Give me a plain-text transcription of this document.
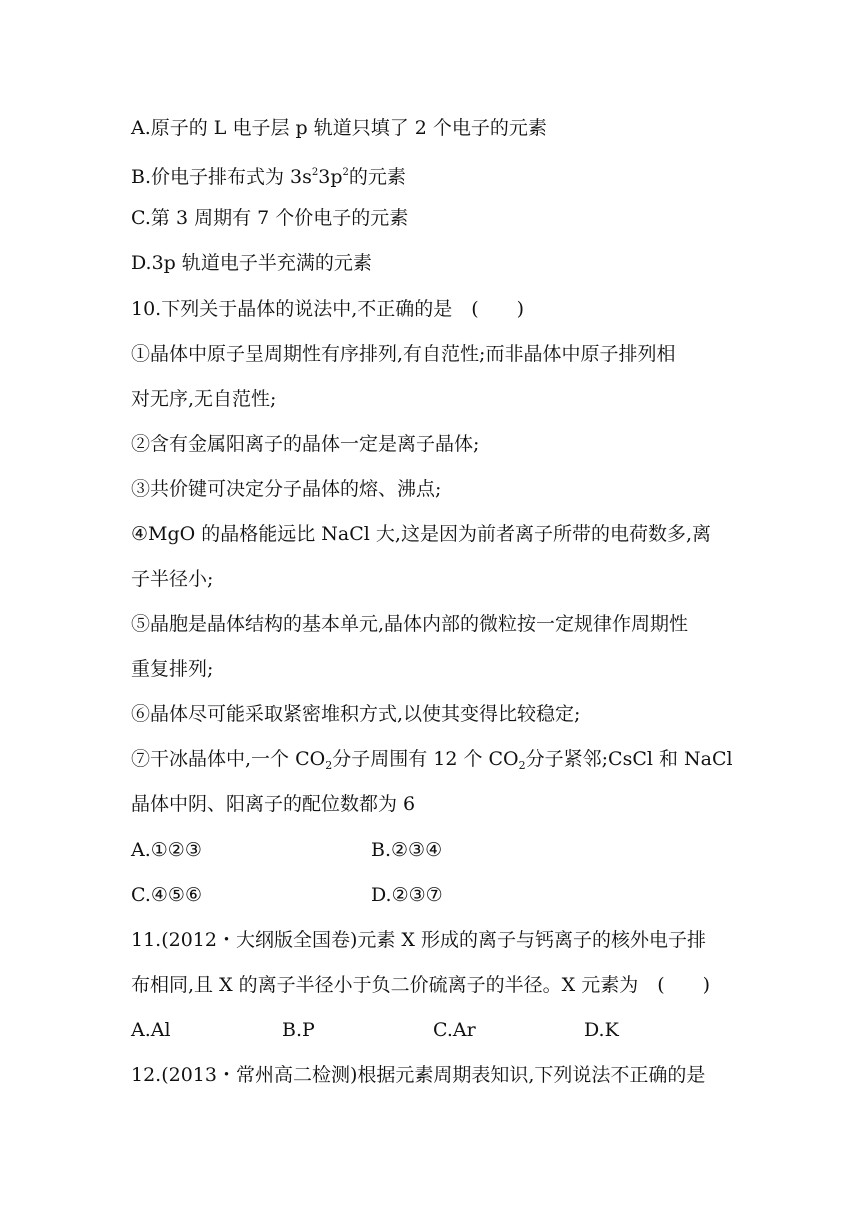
A.原子的 L 电子层 p 轨道只填了 2 个电子的元素
B.价电子排布式为 $3s^23p^2$的元素
C.第 3 周期有 7 个价电子的元素
D.3p 轨道电子半充满的元素
10.下列关于晶体的说法中,不正确的是　(　　)
①晶体中原子呈周期性有序排列,有自范性;而非晶体中原子排列相
对无序,无自范性;
②含有金属阳离子的晶体一定是离子晶体;
③共价键可决定分子晶体的熔、沸点;
④MgO 的晶格能远比 NaCl 大,这是因为前者离子所带的电荷数多,离
子半径小;
⑤晶胞是晶体结构的基本单元,晶体内部的微粒按一定规律作周期性
重复排列;
⑥晶体尽可能采取紧密堆积方式,以使其变得比较稳定;
⑦干冰晶体中,一个 $CO_2$分子周围有 12 个 $CO_2$分子紧邻;CsCl 和 NaCl
晶体中阴、阳离子的配位数都为 6
A.①②③	B.②③④
C.④⑤⑥	D.②③⑦
11.(2012・大纲版全国卷)元素 X 形成的离子与钙离子的核外电子排
布相同,且 X 的离子半径小于负二价硫离子的半径。X 元素为　(　　)
A.Al	B.P	C.Ar	D.K
12.(2013・常州高二检测)根据元素周期表知识,下列说法不正确的是
